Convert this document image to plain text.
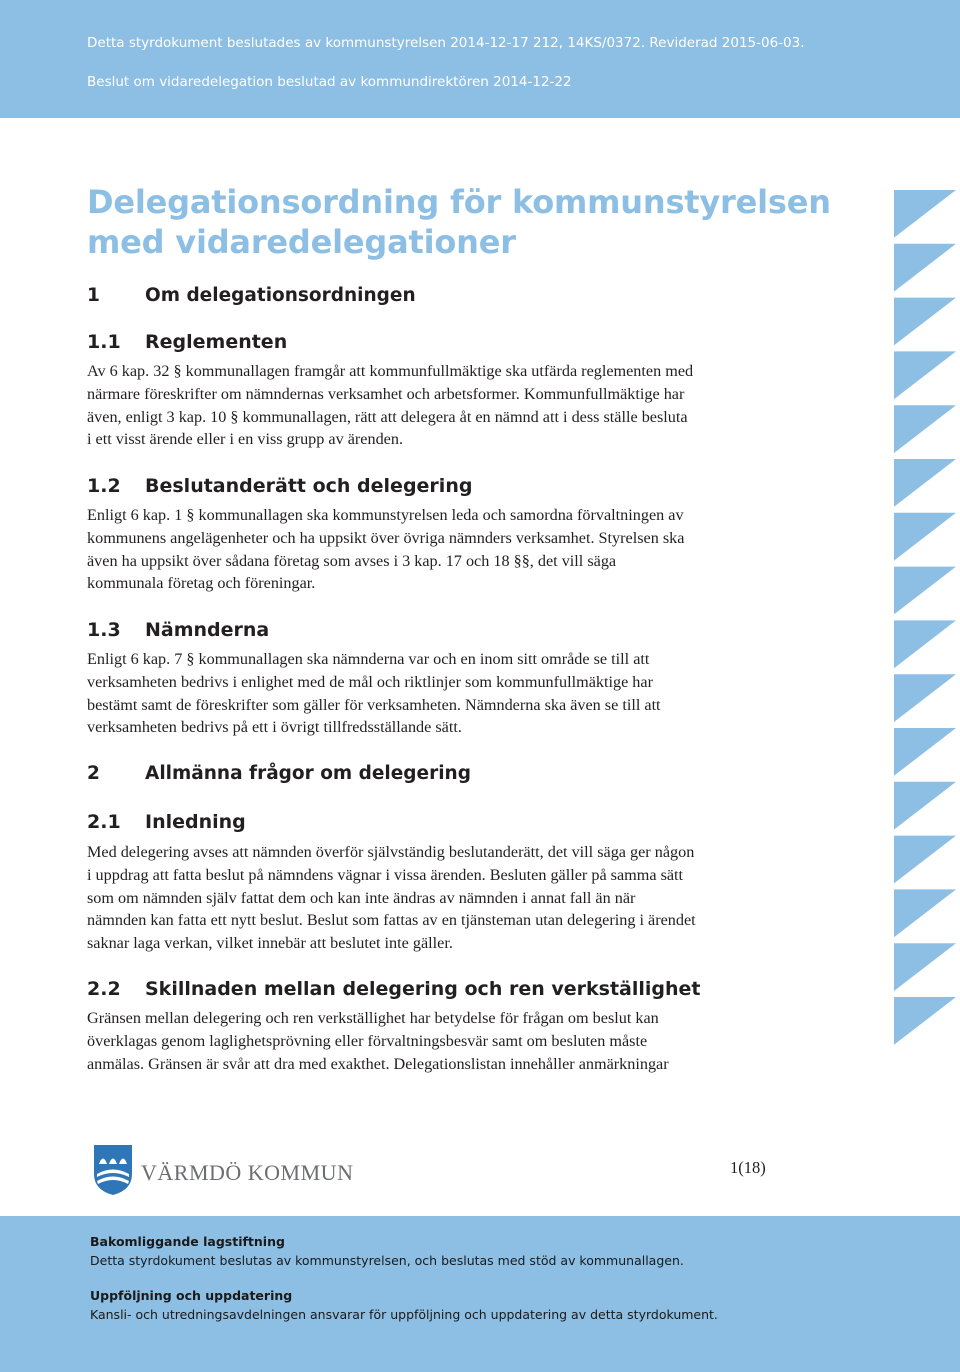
Detta styrdokument beslutades av kommunstyrelsen 2014-12-17 212, 14KS/0372. Reviderad 2015-06-03.
Beslut om vidaredelegation beslutad av kommundirektören 2014-12-22
Delegationsordning för kommunstyrelsen
med vidaredelegationer
1 Om delegationsordningen
1.1 Reglementen
Av 6 kap. 32 § kommunallagen framgår att kommunfullmäktige ska utfärda reglementen med
närmare föreskrifter om nämndernas verksamhet och arbetsformer. Kommunfullmäktige har
även, enligt 3 kap. 10 § kommunallagen, rätt att delegera åt en nämnd att i dess ställe besluta
i ett visst ärende eller i en viss grupp av ärenden.
1.2 Beslutanderätt och delegering
Enligt 6 kap. 1 § kommunallagen ska kommunstyrelsen leda och samordna förvaltningen av
kommunens angelägenheter och ha uppsikt över övriga nämnders verksamhet. Styrelsen ska
även ha uppsikt över sådana företag som avses i 3 kap. 17 och 18 §§, det vill säga
kommunala företag och föreningar.
1.3 Nämnderna
Enligt 6 kap. 7 § kommunallagen ska nämnderna var och en inom sitt område se till att
verksamheten bedrivs i enlighet med de mål och riktlinjer som kommunfullmäktige har
bestämt samt de föreskrifter som gäller för verksamheten. Nämnderna ska även se till att
verksamheten bedrivs på ett i övrigt tillfredsställande sätt.
2 Allmänna frågor om delegering
2.1 Inledning
Med delegering avses att nämnden överför självständig beslutanderätt, det vill säga ger någon
i uppdrag att fatta beslut på nämndens vägnar i vissa ärenden. Besluten gäller på samma sätt
som om nämnden själv fattat dem och kan inte ändras av nämnden i annat fall än när
nämnden kan fatta ett nytt beslut. Beslut som fattas av en tjänsteman utan delegering i ärendet
saknar laga verkan, vilket innebär att beslutet inte gäller.
2.2 Skillnaden mellan delegering och ren verkställighet
Gränsen mellan delegering och ren verkställighet har betydelse för frågan om beslut kan
överklagas genom laglighetsprövning eller förvaltningsbesvär samt om besluten måste
anmälas. Gränsen är svår att dra med exakthet. Delegationslistan innehåller anmärkningar
VÄRMDÖ KOMMUN	1(18)
Bakomliggande lagstiftning
Detta styrdokument beslutas av kommunstyrelsen, och beslutas med stöd av kommunallagen.
Uppföljning och uppdatering
Kansli- och utredningsavdelningen ansvarar för uppföljning och uppdatering av detta styrdokument.
